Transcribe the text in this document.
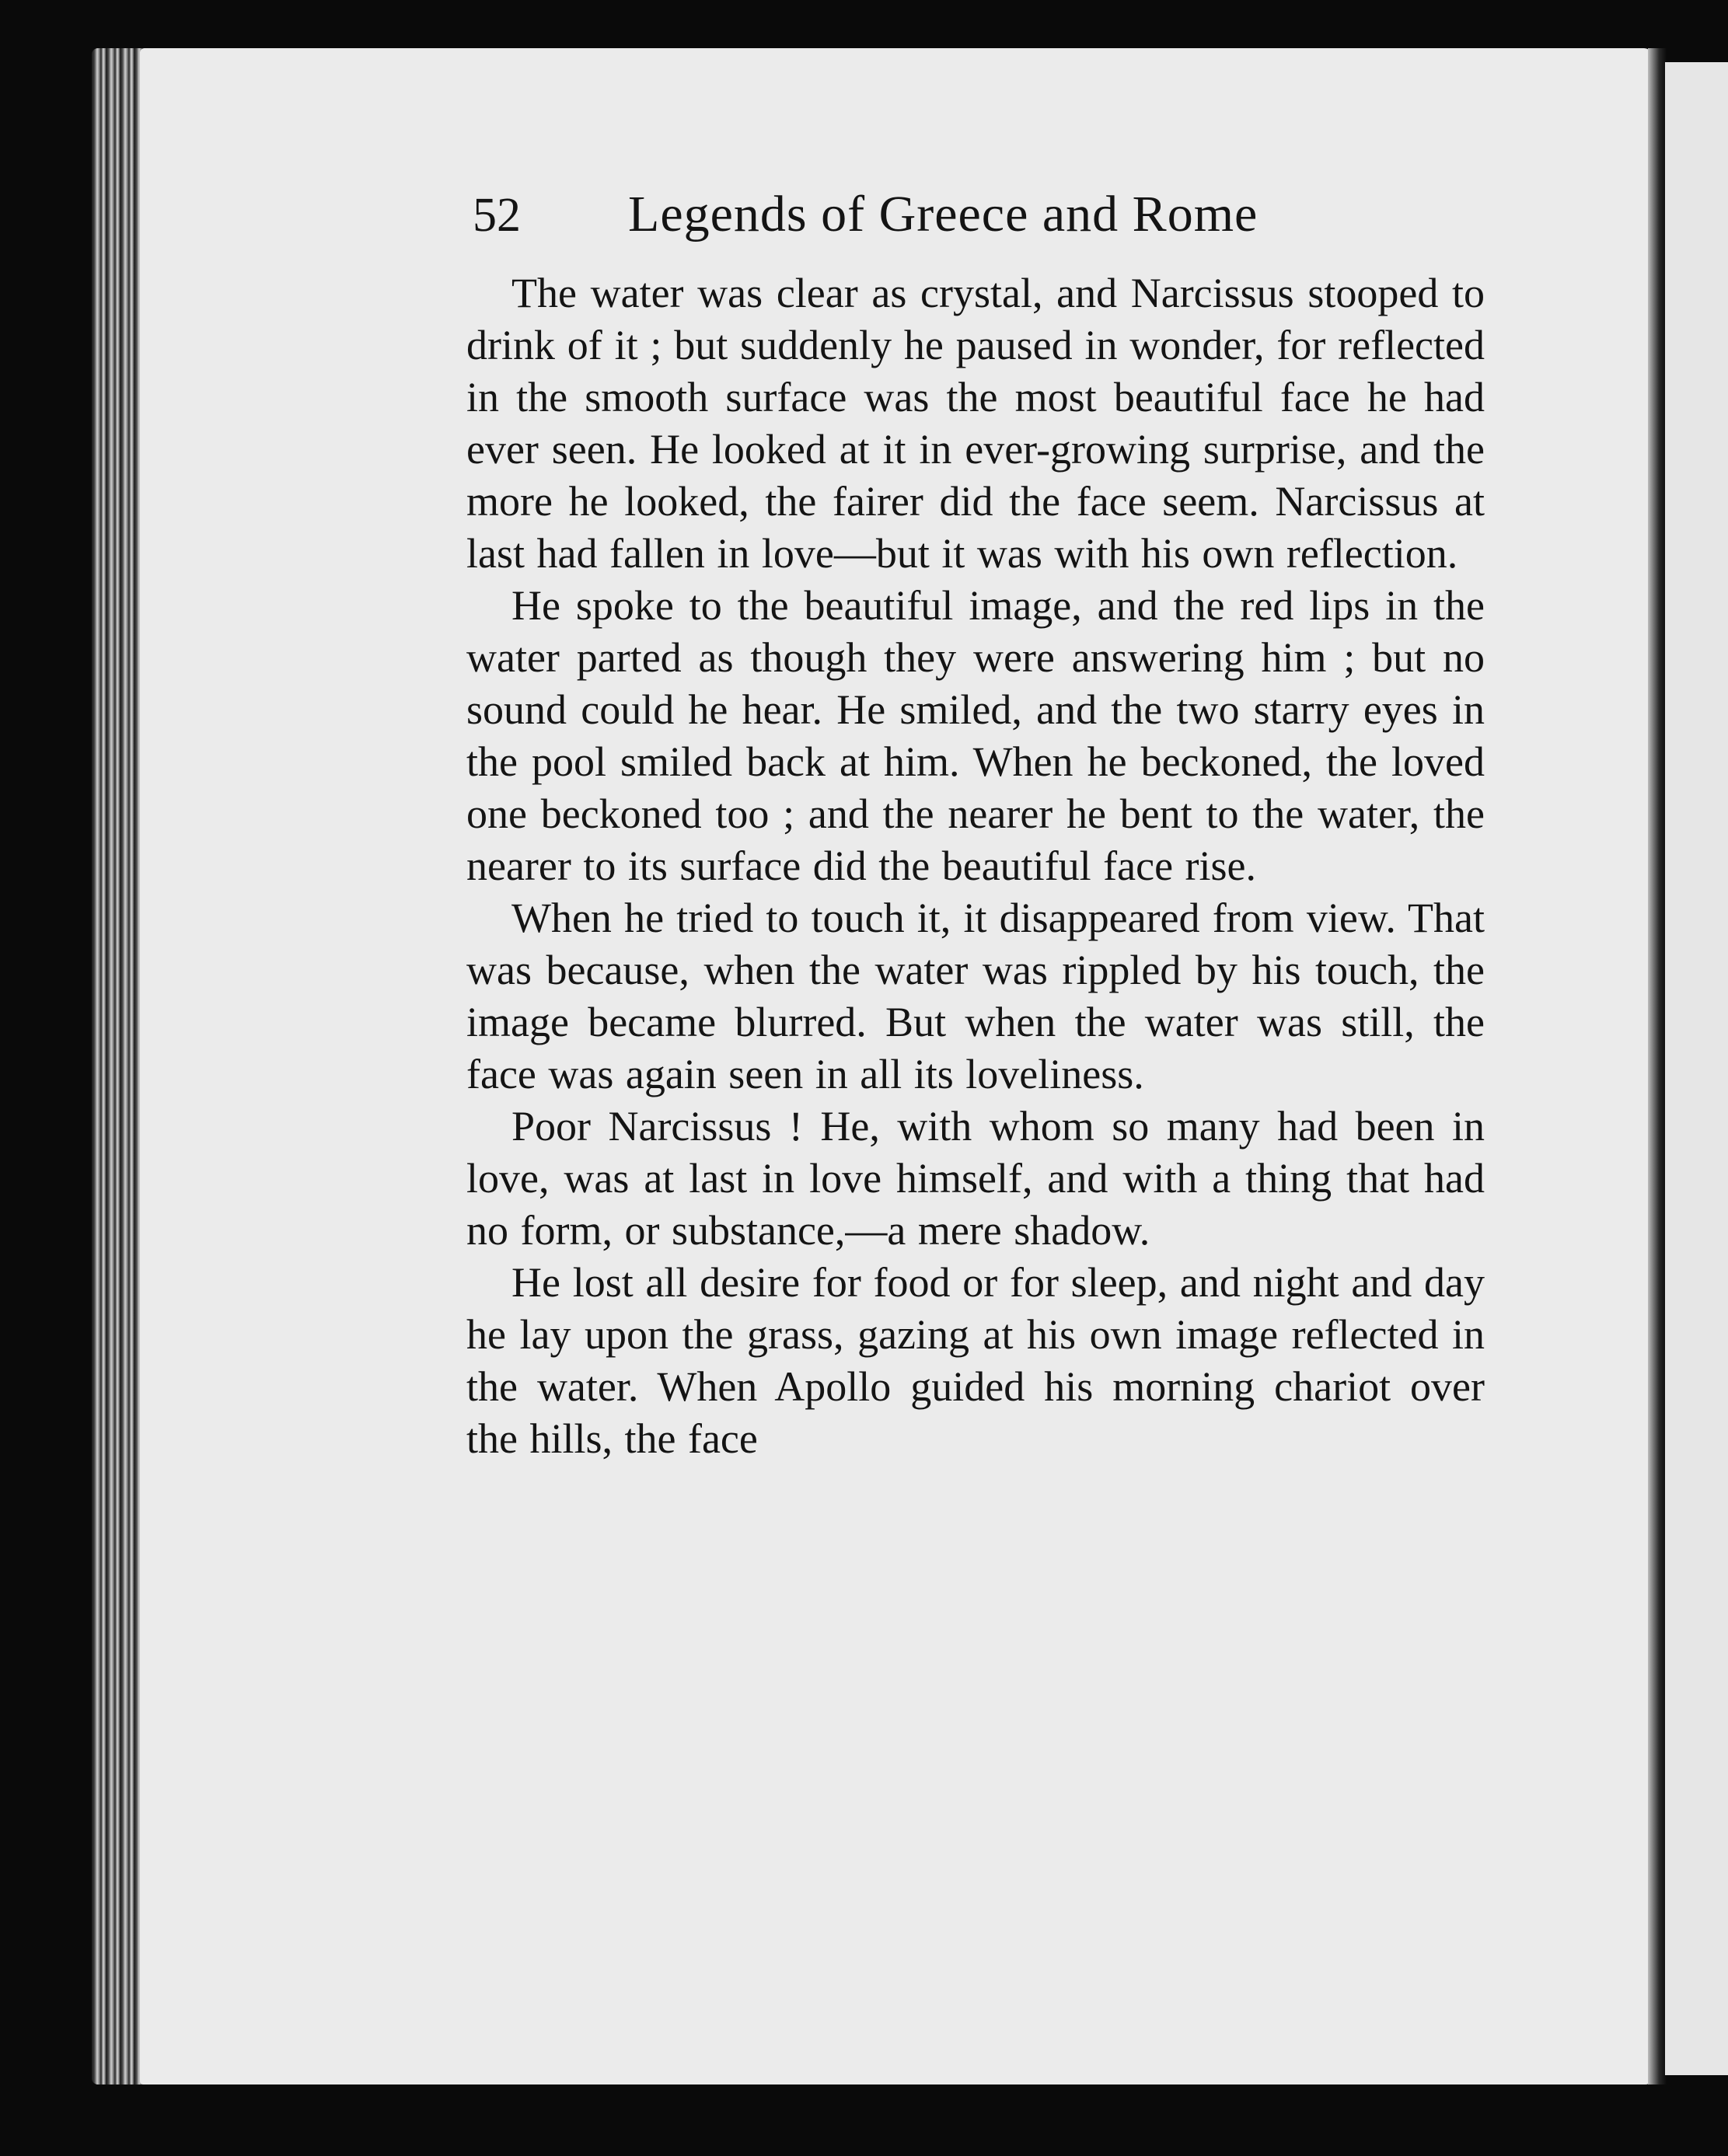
52	Legends of Greece and Rome

The water was clear as crystal, and Narcissus stooped to drink of it ; but suddenly he paused in wonder, for reflected in the smooth surface was the most beautiful face he had ever seen. He looked at it in ever-growing surprise, and the more he looked, the fairer did the face seem. Narcissus at last had fallen in love—but it was with his own reflection.

He spoke to the beautiful image, and the red lips in the water parted as though they were answering him ; but no sound could he hear. He smiled, and the two starry eyes in the pool smiled back at him. When he beckoned, the loved one beckoned too ; and the nearer he bent to the water, the nearer to its surface did the beautiful face rise.

When he tried to touch it, it disappeared from view. That was because, when the water was rippled by his touch, the image became blurred. But when the water was still, the face was again seen in all its loveliness.

Poor Narcissus ! He, with whom so many had been in love, was at last in love himself, and with a thing that had no form, or substance,—a mere shadow.

He lost all desire for food or for sleep, and night and day he lay upon the grass, gazing at his own image reflected in the water. When Apollo guided his morning chariot over the hills, the face
